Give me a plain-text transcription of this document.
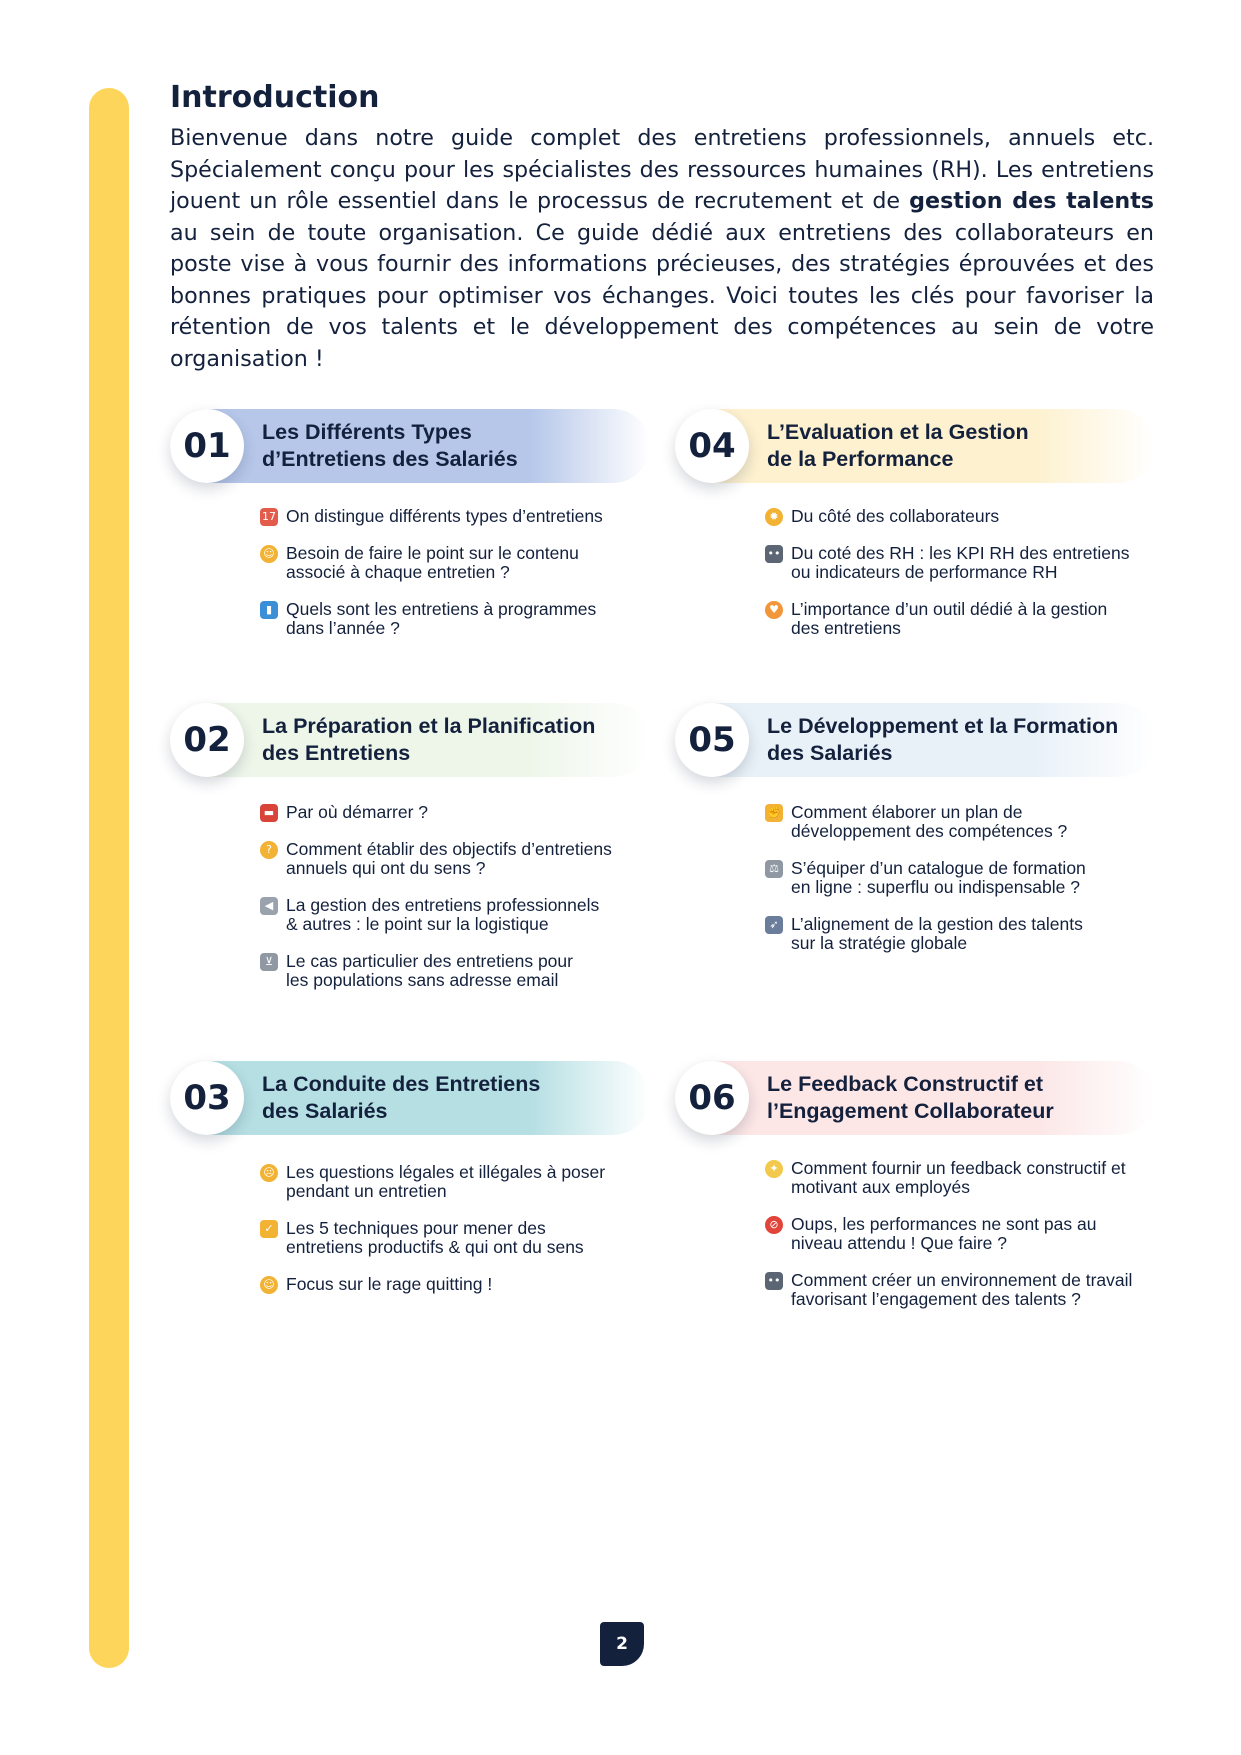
Introduction

Bienvenue dans notre guide complet des entretiens professionnels, annuels etc. Spécialement conçu pour les spécialistes des ressources humaines (RH). Les entretiens jouent un rôle essentiel dans le processus de recrutement et de gestion des talents au sein de toute organisation. Ce guide dédié aux entretiens des collaborateurs en poste vise à vous fournir des informations précieuses, des stratégies éprouvées et des bonnes pratiques pour optimiser vos échanges. Voici toutes les clés pour favoriser la rétention de vos talents et le développement des compétences au sein de votre organisation !

01	Les Différents Types
d’Entretiens des Salariés
17 On distingue différents types d’entretiens
☺ Besoin de faire le point sur le contenu
associé à chaque entretien ?
▮ Quels sont les entretiens à programmes
dans l’année ?
02	La Préparation et la Planification
des Entretiens
▬ Par où démarrer ?
? Comment établir des objectifs d’entretiens
annuels qui ont du sens ?
◀ La gestion des entretiens professionnels
& autres : le point sur la logistique
⊻ Le cas particulier des entretiens pour
les populations sans adresse email
03	La Conduite des Entretiens
des Salariés
☹ Les questions légales et illégales à poser
pendant un entretien
✓ Les 5 techniques pour mener des
entretiens productifs & qui ont du sens
☺ Focus sur le rage quitting !
04	L’Evaluation et la Gestion
de la Performance
✹ Du côté des collaborateurs
•• Du coté des RH : les KPI RH des entretiens
ou indicateurs de performance RH
♥ L’importance d’un outil dédié à la gestion
des entretiens
05	Le Développement et la Formation
des Salariés
✊ Comment élaborer un plan de
développement des compétences ?
⚖ S’équiper d’un catalogue de formation
en ligne : superflu ou indispensable ?
➶ L’alignement de la gestion des talents
sur la stratégie globale
06	Le Feedback Constructif et
l’Engagement Collaborateur
✦ Comment fournir un feedback constructif et
motivant aux employés
⊘ Oups, les performances ne sont pas au
niveau attendu ! Que faire ?
•• Comment créer un environnement de travail
favorisant l’engagement des talents ?
2
